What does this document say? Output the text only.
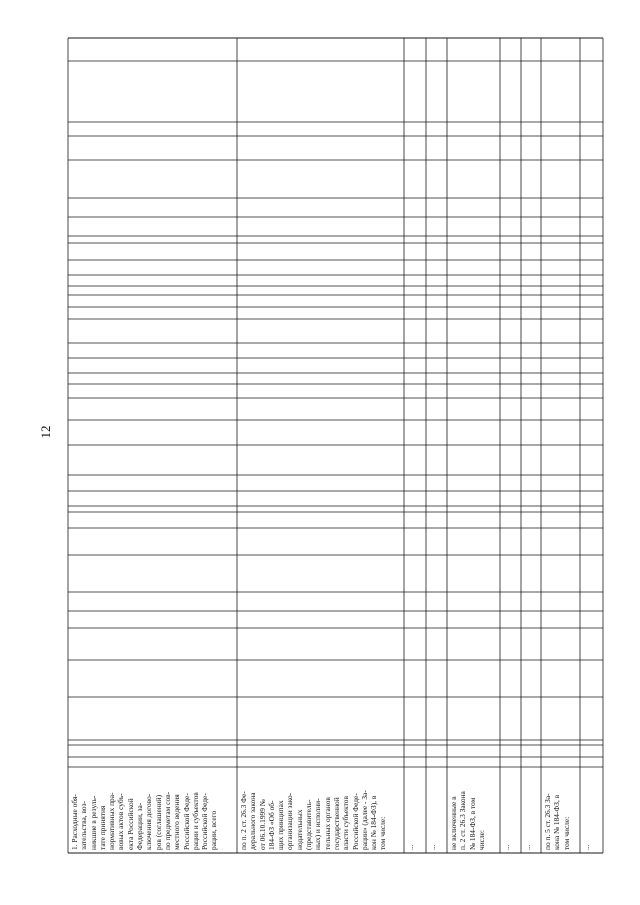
12
1. Расходные обя-
зательства, воз-
никшие в резуль-
тате принятия
нормативных пра-
вовых актов субъ-
екта Российской
Федерации, за-
ключения догово-
ров (соглашений)
по предметам сов-
местного ведения
Российской Феде-
рации и субъектов
Российской Феде-
рации, всего
по п. 2 ст. 26.3 Фе-
дерального закона
от 06.10.1999 №
184-ФЗ «Об об-
щих принципах
организации зако-
нодательных
(представитель-
ных) и исполни-
тельных органов
государственной
власти субъектов
Российской Феде-
рации» (далее - За-
кон № 184-ФЗ), в
том числе:
... ... не включенные в
п. 2 ст. 26.3 Закона
№ 184-ФЗ, в том
числе: ... ... по п. 5 ст. 26.3 За-
кона № 184-ФЗ, в
том числе:
...
